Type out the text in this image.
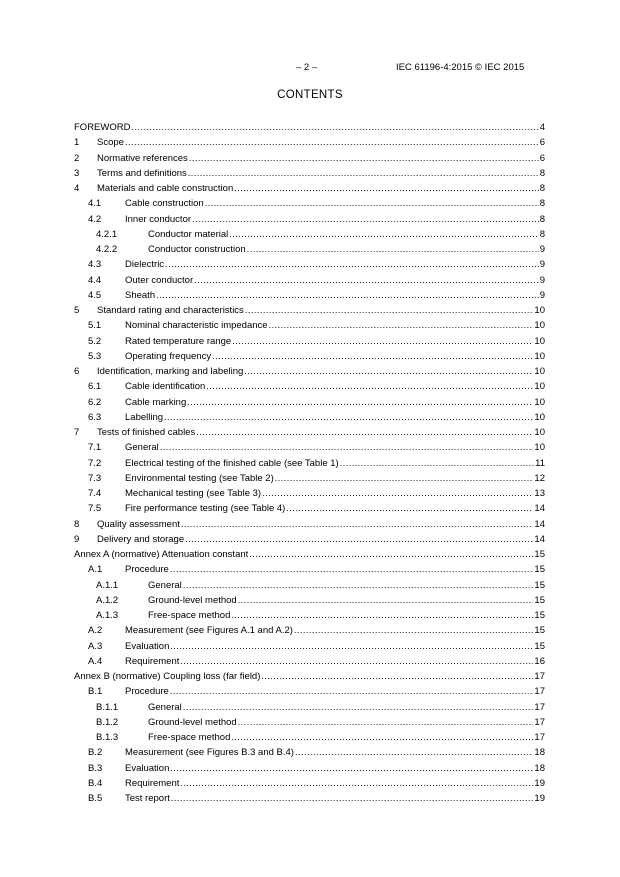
– 2 –	IEC 61196-4:2015 © IEC 2015
CONTENTS
FOREWORD .....	4
1	Scope .....	6
2	Normative references .....	6
3	Terms and definitions .....	8
4	Materials and cable construction .....	8
4.1	Cable construction .....	8
4.2	Inner conductor .....	8
4.2.1	Conductor material .....	8
4.2.2	Conductor construction .....	9
4.3	Dielectric .....	9
4.4	Outer conductor .....	9
4.5	Sheath .....	9
5	Standard rating and characteristics .....	10
5.1	Nominal characteristic impedance .....	10
5.2	Rated temperature range .....	10
5.3	Operating frequency .....	10
6	Identification, marking and labeling .....	10
6.1	Cable identification .....	10
6.2	Cable marking .....	10
6.3	Labelling .....	10
7	Tests of finished cables .....	10
7.1	General .....	10
7.2	Electrical testing of the finished cable (see Table 1) .....	11
7.3	Environmental testing (see Table 2) .....	12
7.4	Mechanical testing (see Table 3) .....	13
7.5	Fire performance testing (see Table 4) .....	14
8	Quality assessment .....	14
9	Delivery and storage .....	14
Annex A (normative) Attenuation constant .....	15
A.1	Procedure .....	15
A.1.1	General .....	15
A.1.2	Ground-level method .....	15
A.1.3	Free-space method .....	15
A.2	Measurement (see Figures A.1 and A.2) .....	15
A.3	Evaluation .....	15
A.4	Requirement .....	16
Annex B (normative) Coupling loss (far field) .....	17
B.1	Procedure .....	17
B.1.1	General .....	17
B.1.2	Ground-level method .....	17
B.1.3	Free-space method .....	17
B.2	Measurement (see Figures B.3 and B.4) .....	18
B.3	Evaluation .....	18
B.4	Requirement .....	19
B.5	Test report .....	19
